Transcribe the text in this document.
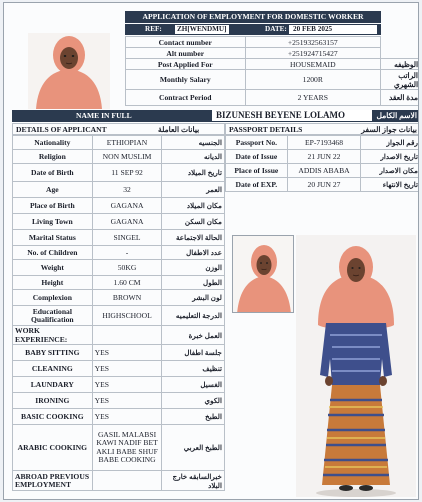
APPLICATION OF EMPLOYMENT FOR DOMESTIC WORKER
REF: ZH[WENDMU]	DATE: 20 FEB 2025
Contact number	+251932563157	
Alt number	+251924715427	
Post Applied For	HOUSEMAID	الوظيفه
Monthly Salary	1200R	الراتب الشهري
Contract Period	2 YEARS	مدة العقد
NAME IN FULL	BIZUNESH BEYENE LOLAMO	الاسم الكامل
DETAILS OF APPLICANT	بيانات العاملة	PASSPORT DETAILS	بيانات جواز السفر
Nationality	ETHIOPIAN	الجنسيه
Religion	NON MUSLIM	الديانه
Date of Birth	11 SEP 92	تاريخ الميلاد
Age	32	العمر
Place of Birth	GAGANA	مكان الميلاد
Living Town	GAGANA	مكان السكن
Marital Status	SINGEL	الحالة الاجتماعة
No. of Children	-	عدد الاطفال
Weight	50KG	الوزن
Height	1.60 CM	الطول
Complexion	BROWN	لون البشر
Educational Qualification	HIGHSCHOOL	الدرجة التعليميه
WORK EXPERIENCE:		العمل خبرة
BABY SITTING	YES	جلسة اطفال
CLEANING	YES	تنظيف
LAUNDARY	YES	الغسيل
IRONING	YES	الكوي
BASIC COOKING	YES	الطبخ
ARABIC COOKING	GASIL MALABSI KAWI NADIF BET AKLI BABE SHUF BABE COOKING	الطبخ العربي
ABROAD PREVIOUS EMPLOYMENT		خبرالسابقه خارج البلاد
Passport No.	EP-7193468	رقم الجواز
Date of Issue	21 JUN 22	تاريخ الاصدار
Place of Issue	ADDIS ABABA	مكان الاصدار
Date of EXP.	20 JUN 27	تاريخ الانتهاء
